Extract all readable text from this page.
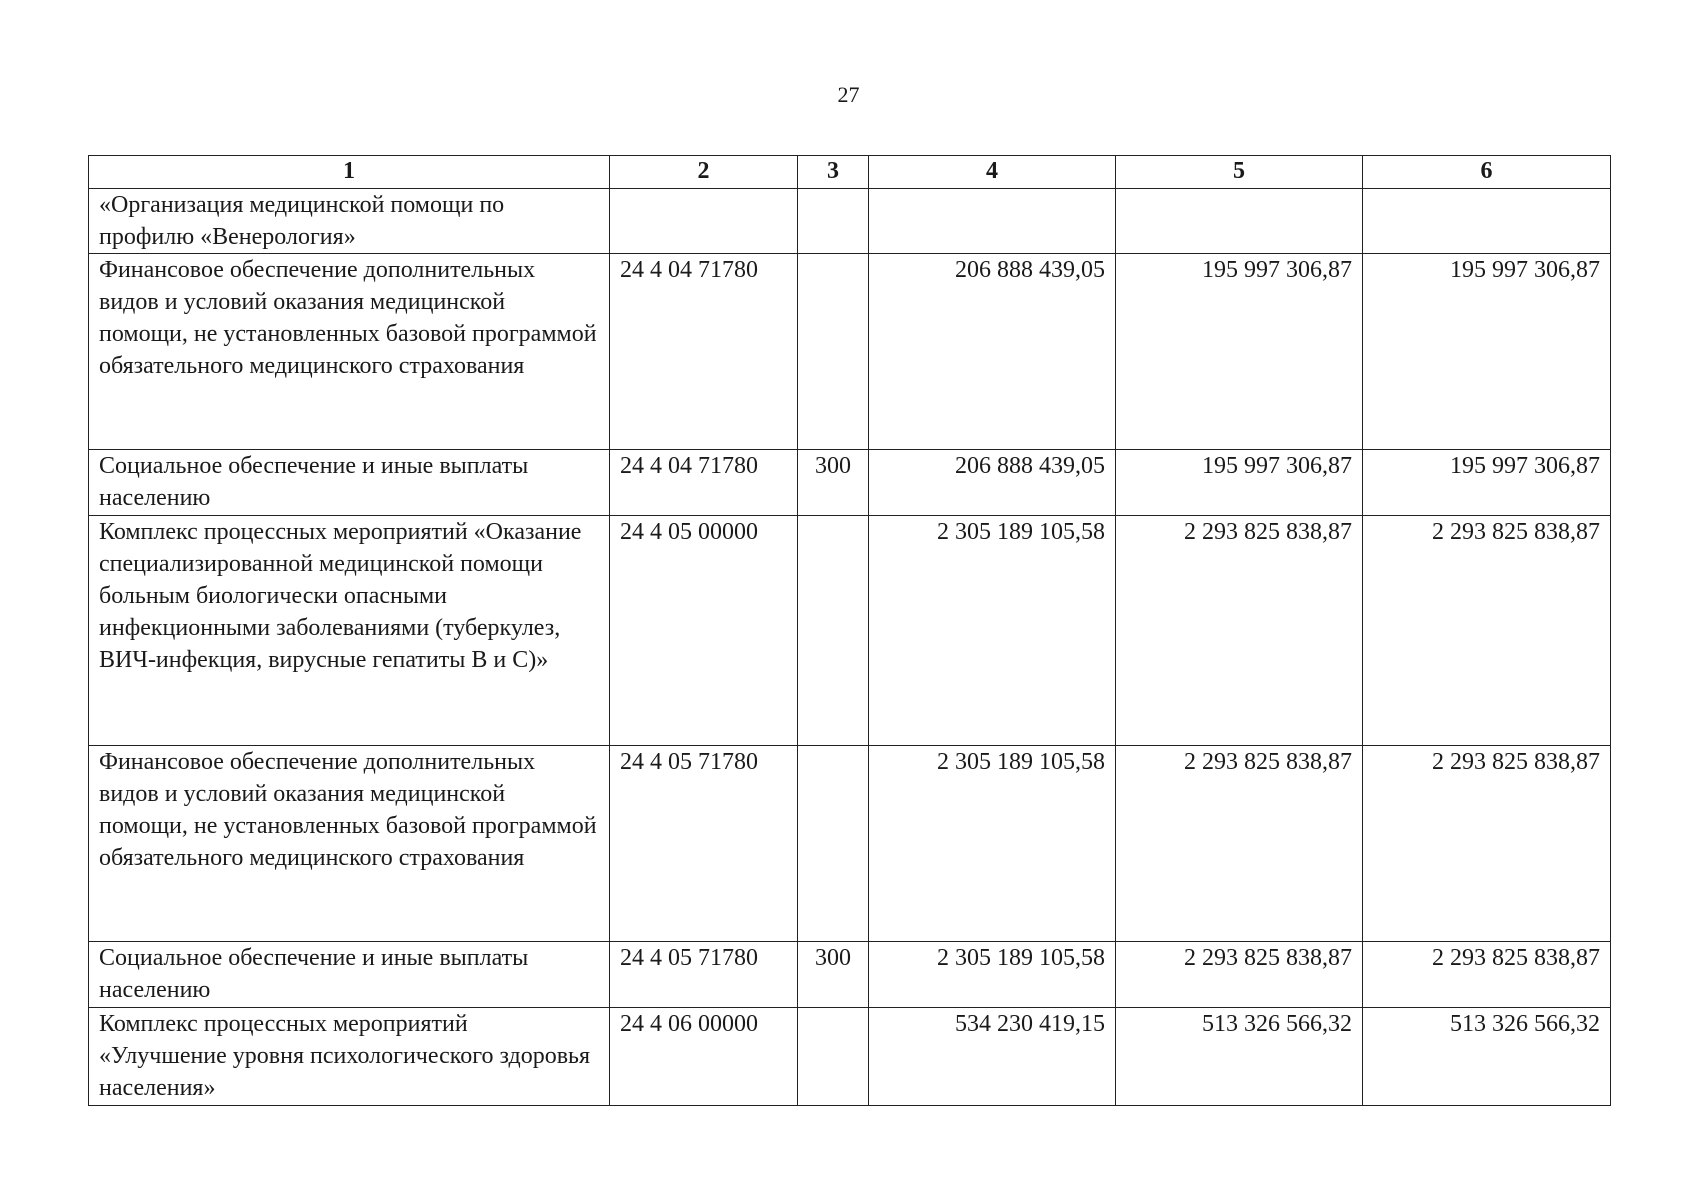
27
1	2	3	4	5	6
«Организация медицинской помощи по профилю «Венерология»					
Финансовое обеспечение дополнительных видов и условий оказания медицинской помощи, не установленных базовой программой обязательного медицинского страхования	24 4 04 71780		206 888 439,05	195 997 306,87	195 997 306,87
Социальное обеспечение и иные выплаты населению	24 4 04 71780	300	206 888 439,05	195 997 306,87	195 997 306,87
Комплекс процессных мероприятий «Оказание специализированной медицинской помощи больным биологически опасными инфекционными заболеваниями (туберкулез, ВИЧ-инфекция, вирусные гепатиты В и С)»	24 4 05 00000		2 305 189 105,58	2 293 825 838,87	2 293 825 838,87
Финансовое обеспечение дополнительных видов и условий оказания медицинской помощи, не установленных базовой программой обязательного медицинского страхования	24 4 05 71780		2 305 189 105,58	2 293 825 838,87	2 293 825 838,87
Социальное обеспечение и иные выплаты населению	24 4 05 71780	300	2 305 189 105,58	2 293 825 838,87	2 293 825 838,87
Комплекс процессных мероприятий «Улучшение уровня психологического здоровья населения»	24 4 06 00000		534 230 419,15	513 326 566,32	513 326 566,32
